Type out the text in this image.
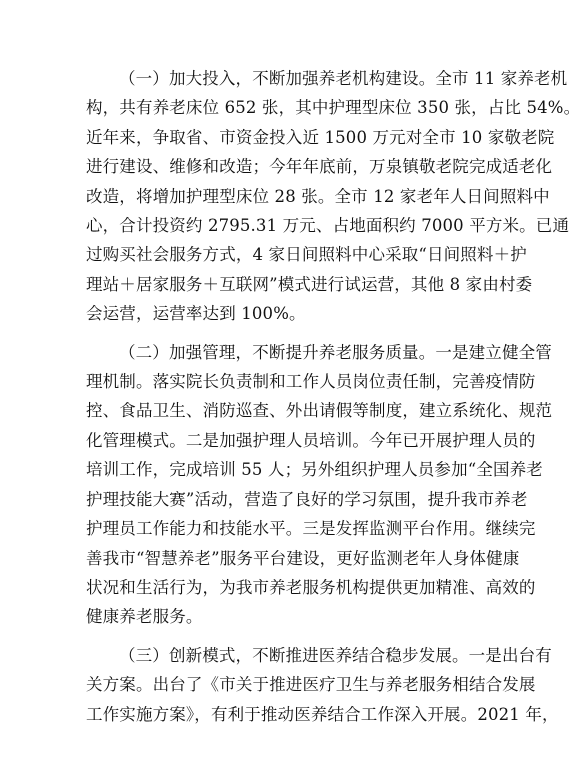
（一）加大投入，不断加强养老机构建设。全市 11 家养老机
构，共有养老床位 652 张，其中护理型床位 350 张，占比 54%。
近年来，争取省、市资金投入近 1500 万元对全市 10 家敬老院
进行建设、维修和改造；今年年底前，万泉镇敬老院完成适老化
改造，将增加护理型床位 28 张。全市 12 家老年人日间照料中
心，合计投资约 2795.31 万元、占地面积约 7000 平方米。已通
过购买社会服务方式，4 家日间照料中心采取“日间照料＋护
理站＋居家服务＋互联网”模式进行试运营，其他 8 家由村委
会运营，运营率达到 100%。
（二）加强管理，不断提升养老服务质量。一是建立健全管
理机制。落实院长负责制和工作人员岗位责任制，完善疫情防
控、食品卫生、消防巡查、外出请假等制度，建立系统化、规范
化管理模式。二是加强护理人员培训。今年已开展护理人员的
培训工作，完成培训 55 人；另外组织护理人员参加“全国养老
护理技能大赛”活动，营造了良好的学习氛围，提升我市养老
护理员工作能力和技能水平。三是发挥监测平台作用。继续完
善我市“智慧养老”服务平台建设，更好监测老年人身体健康
状况和生活行为，为我市养老服务机构提供更加精准、高效的
健康养老服务。
（三）创新模式，不断推进医养结合稳步发展。一是出台有
关方案。出台了《市关于推进医疗卫生与养老服务相结合发展
工作实施方案》，有利于推动医养结合工作深入开展。2021 年，
